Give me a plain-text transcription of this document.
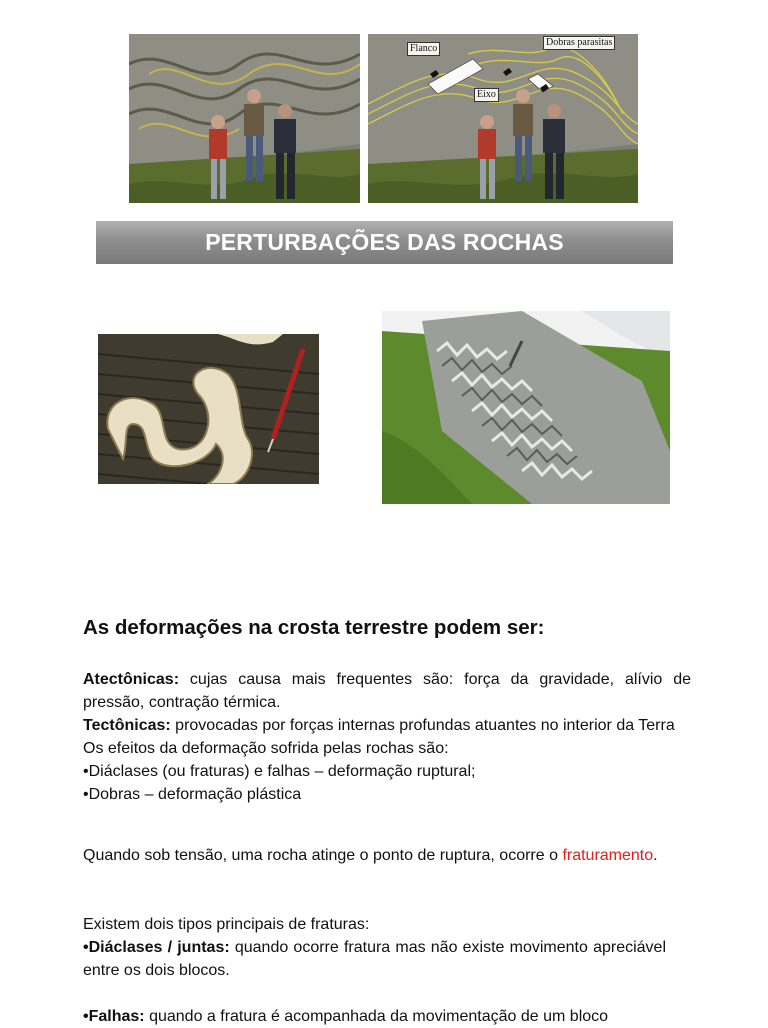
Flanco
Dobras parasitas
Eixo
PERTURBAÇÕES DAS ROCHAS
As deformações na crosta terrestre podem ser:

Atectônicas: cujas causa mais frequentes são: força da gravidade, alívio de pressão, contração térmica.

Tectônicas: provocadas por forças internas profundas atuantes no interior da Terra

Os efeitos da deformação sofrida pelas rochas são:

•Diáclases (ou fraturas) e falhas – deformação ruptural;

•Dobras – deformação plástica

Quando sob tensão, uma rocha atinge o ponto de ruptura, ocorre o fraturamento.

Existem dois tipos principais de fraturas:

•Diáclases / juntas: quando ocorre fratura mas não existe movimento apreciável entre os dois blocos.

•Falhas: quando a fratura é acompanhada da movimentação de um bloco
